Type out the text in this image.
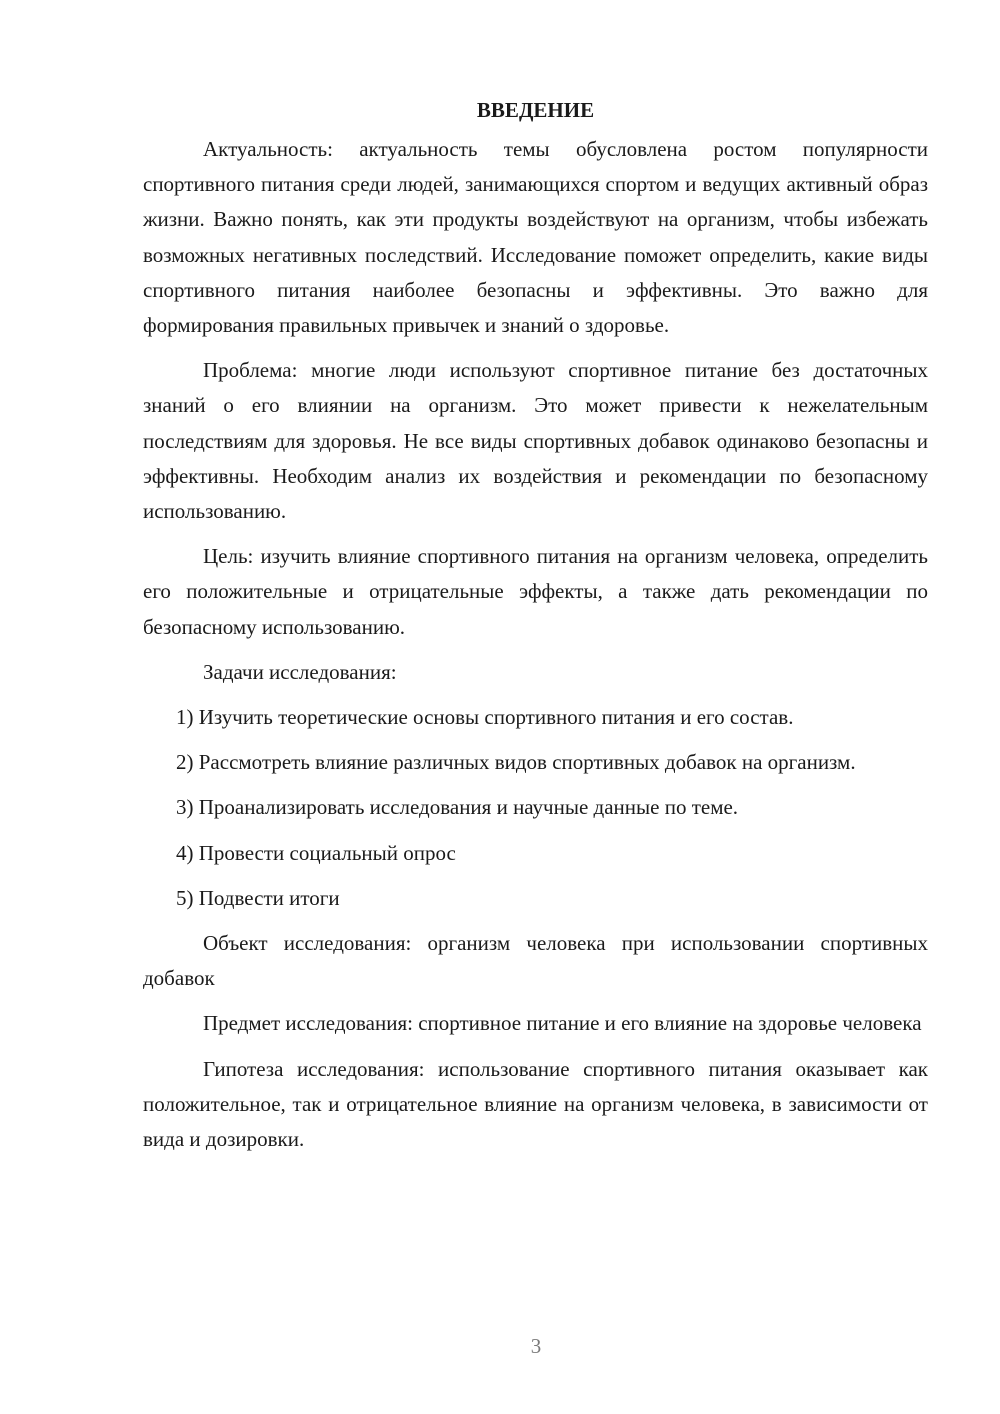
ВВЕДЕНИЕ

Актуальность: актуальность темы обусловлена ростом популярности спортивного питания среди людей, занимающихся спортом и ведущих активный образ жизни. Важно понять, как эти продукты воздействуют на организм, чтобы избежать возможных негативных последствий. Исследование поможет определить, какие виды спортивного питания наиболее безопасны и эффективны. Это важно для формирования правильных привычек и знаний о здоровье.

Проблема: многие люди используют спортивное питание без достаточных знаний о его влиянии на организм. Это может привести к нежелательным последствиям для здоровья. Не все виды спортивных добавок одинаково безопасны и эффективны. Необходим анализ их воздействия и рекомендации по безопасному использованию.

Цель: изучить влияние спортивного питания на организм человека, определить его положительные и отрицательные эффекты, а также дать рекомендации по безопасному использованию.

Задачи исследования:

1) Изучить теоретические основы спортивного питания и его состав.

2) Рассмотреть влияние различных видов спортивных добавок на организм.

3) Проанализировать исследования и научные данные по теме.

4) Провести социальный опрос

5) Подвести итоги

Объект исследования: организм человека при использовании спортивных добавок

Предмет исследования: спортивное питание и его влияние на здоровье человека

Гипотеза исследования: использование спортивного питания оказывает как положительное, так и отрицательное влияние на организм человека, в зависимости от вида и дозировки.

3
